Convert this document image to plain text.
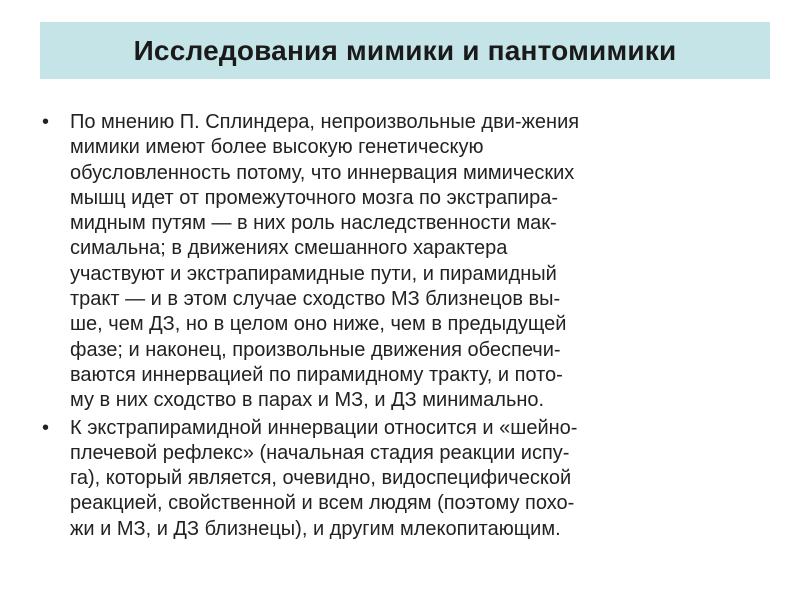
Исследования мимики и пантомимики
• По мнению П. Сплиндера, непроизвольные дви-жения
мимики имеют более высокую генетическую
обусловленность потому, что иннервация мимических
мышц идет от промежуточного мозга по экстрапира-
мидным путям — в них роль наследственности мак-
симальна; в движениях смешанного характера
участвуют и экстрапирамидные пути, и пирамидный
тракт — и в этом случае сходство МЗ близнецов вы-
ше, чем ДЗ, но в целом оно ниже, чем в предыдущей
фазе; и наконец, произвольные движения обеспечи-
ваются иннервацией по пирамидному тракту, и пото-
му в них сходство в парах и МЗ, и ДЗ минимально.
• К экстрапирамидной иннервации относится и «шейно-
плечевой рефлекс» (начальная стадия реакции испу-
га), который является, очевидно, видоспецифической
реакцией, свойственной и всем людям (поэтому похо-
жи и МЗ, и ДЗ близнецы), и другим млекопитающим.
